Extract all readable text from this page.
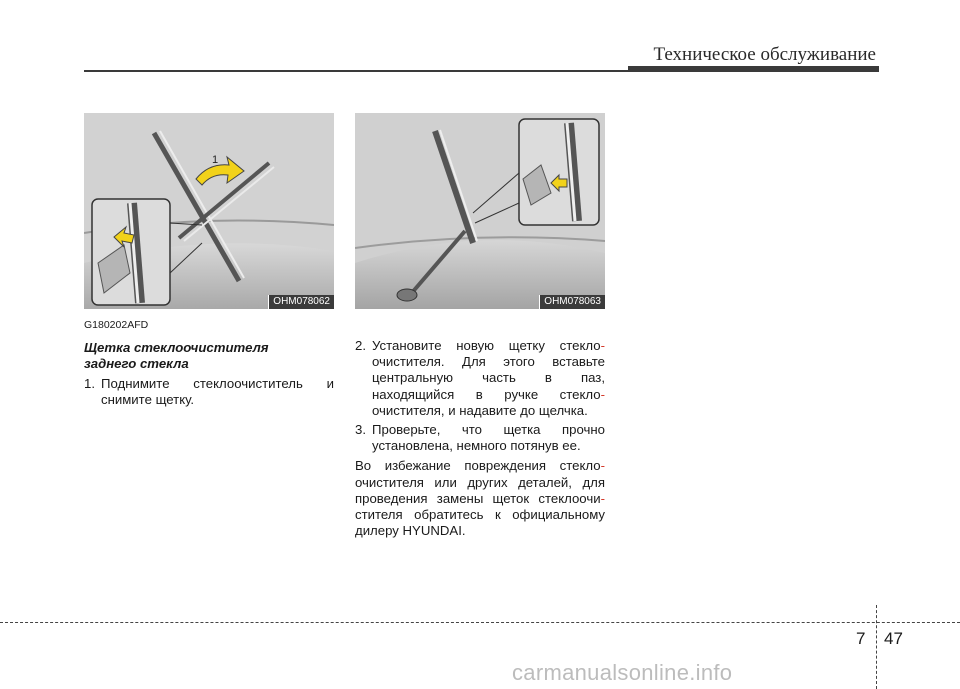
Техническое обслуживание
1
OHM078062	OHM078063
G180202AFD
Щетка стеклоочистителя
заднего стекла
1. Поднимите стеклоочиститель и снимите щетку.
2. Установите новую щетку стекло- очистителя. Для этого вставьте центральную часть в паз, находящийся в ручке стекло- очистителя, и надавите до щелчка.
3. Проверьте, что щетка прочно установлена, немного потянув ее.
Во избежание повреждения стекло- очистителя или других деталей, для проведения замены щеток стеклоочи- стителя обратитесь к официальному дилеру HYUNDAI.
7 47
carmanualsonline.info
